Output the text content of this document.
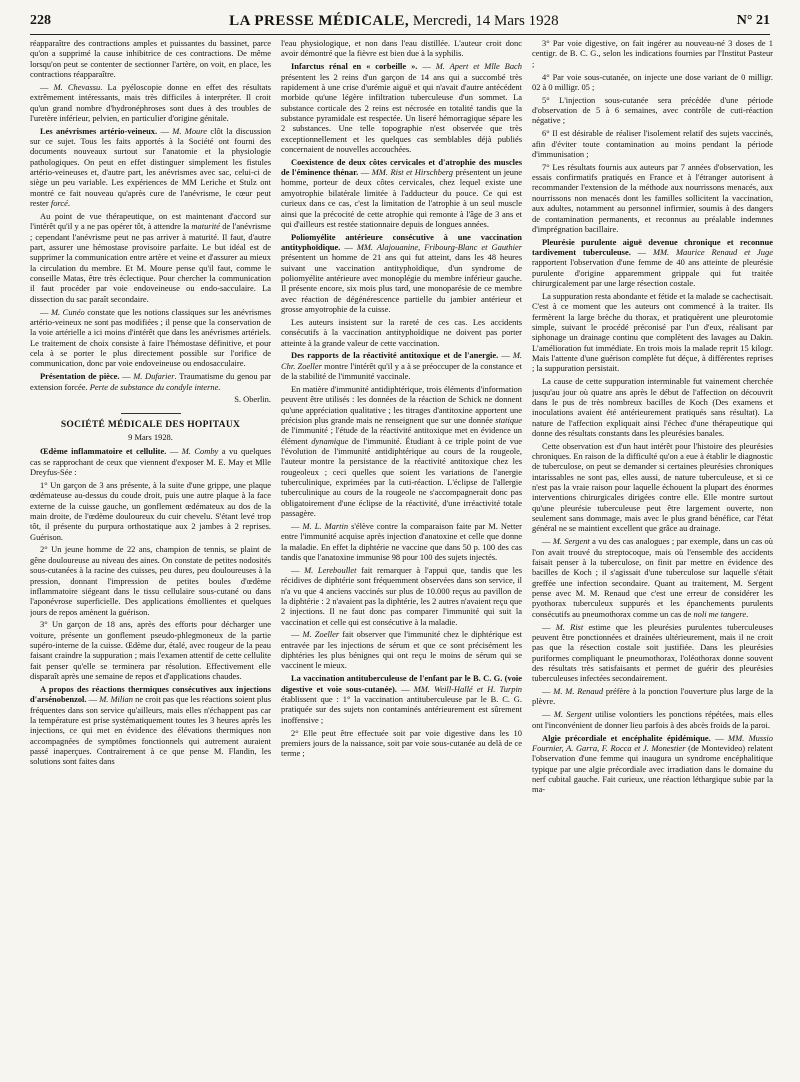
228	LA PRESSE MÉDICALE, Mercredi, 14 Mars 1928	N° 21

réapparaître des contractions amples et puissantes du bassinet, parce qu'on a supprimé la cause inhibitrice de ces contractions. De même lorsqu'on peut se contenter de sectionner l'artère, on voit, en place, les contractions réapparaître.

— M. Chevassu. La pyéloscopie donne en effet des résultats extrêmement intéressants, mais très difficiles à interpréter. Il croit qu'un grand nombre d'hydronéphroses sont dues à des troubles de l'uretère inférieur, pelvien, en particulier d'origine génitale.

Les anévrismes artério-veineux. — M. Moure clôt la discussion sur ce sujet. Tous les faits apportés à la Société ont fourni des documents nouveaux surtout sur l'anatomie et la physiologie pathologiques. On peut en effet distinguer simplement les fistules artério-veineuses et, d'autre part, les anévrismes avec sac, celui-ci de siège un peu variable. Les expériences de MM Leriche et Stulz ont montré ce fait nouveau qu'après cure de l'anévrisme, le cœur peut rester forcé.

Au point de vue thérapeutique, on est maintenant d'accord sur l'intérêt qu'il y a ne pas opérer tôt, à attendre la maturité de l'anévrisme ; cependant l'anévrisme peut ne pas arriver à maturité. Il faut, d'autre part, assurer une hémostase provisoire parfaite. Le but idéal est de supprimer la communication entre artère et veine et d'assurer au mieux la circulation du membre. Et M. Moure pense qu'il faut, comme le conseille Matas, être très éclectique. Pour chercher la communication il faut procéder par voie endoveineuse ou endo-sacculaire. La dissection du sac paraît secondaire.

— M. Cunéo constate que les notions classiques sur les anévrismes artério-veineux ne sont pas modifiées ; il pense que la conservation de la voie artérielle a ici moins d'intérêt que dans les anévrismes artériels. Le traitement de choix consiste à faire l'hémostase définitive, et pour cela à se porter le plus directement possible sur l'orifice de communication, donc par voie endoveineuse ou endosacculaire.

Présentation de pièce. — M. Dufarier. Traumatisme du genou par extension forcée. Perte de substance du condyle interne.

S. Oberlin.

SOCIÉTÉ MÉDICALE DES HOPITAUX
9 Mars 1928.

Œdème inflammatoire et cellulite. — M. Comby a vu quelques cas se rapprochant de ceux que viennent d'exposer M. E. May et Mlle Dreyfus-Sée :

1° Un garçon de 3 ans présente, à la suite d'une grippe, une plaque œdémateuse au-dessus du coude droit, puis une autre plaque à la face externe de la cuisse gauche, un gonflement œdémateux au dos de la main droite, de l'œdème douloureux du cuir chevelu. S'étant levé trop tôt, il présente du purpura orthostatique aux 2 jambes à 2 reprises. Guérison.

2° Un jeune homme de 22 ans, champion de tennis, se plaint de gêne douloureuse au niveau des aines. On constate de petites nodosités sous-cutanées à la racine des cuisses, peu dures, peu douloureuses à la pression, donnant l'impression de petites boules d'œdème inflammatoire siégeant dans le tissu cellulaire sous-cutané ou dans l'aponévrose superficielle. Des applications émollientes et quelques jours de repos amènent la guérison.

3° Un garçon de 18 ans, après des efforts pour décharger une voiture, présente un gonflement pseudo-phlegmoneux de la partie supéro-interne de la cuisse. Œdème dur, étalé, avec rougeur de la peau faisant craindre la suppuration ; mais l'examen attentif de cette cellulite fait penser qu'elle se terminera par résolution. Effectivement elle disparaît après une semaine de repos et d'applications chaudes.

A propos des réactions thermiques consécutives aux injections d'arsénobenzol. — M. Milian ne croit pas que les réactions soient plus fréquentes dans son service qu'ailleurs, mais elles n'échappent pas car la température est prise systématiquement toutes les 3 heures après les injections, ce qui met en évidence des élévations thermiques non accompagnées de symptômes fonctionnels qui autrement auraient passé inaperçues. Contrairement à ce que pense M. Flandin, les solutions sont faites dans

l'eau physiologique, et non dans l'eau distillée. L'auteur croit donc avoir démontré que la fièvre est bien due à la syphilis.

Infarctus rénal en « corbeille ». — M. Apert et Mlle Bach présentent les 2 reins d'un garçon de 14 ans qui a succombé très rapidement à une crise d'urémie aiguë et qui n'avait d'autre antécédent morbide qu'une légère infiltration tuberculeuse d'un sommet. La substance corticale des 2 reins est nécrosée en totalité tandis que la substance pyramidale est respectée. Un liseré hémorragique sépare les 2 substances. Une telle topographie n'est observée que très exceptionnellement et les quelques cas semblables déjà publiés concernaient de nouvelles accouchées.

Coexistence de deux côtes cervicales et d'atrophie des muscles de l'éminence thénar. — MM. Rist et Hirschberg présentent un jeune homme, porteur de deux côtes cervicales, chez lequel existe une amyotrophie bilatérale limitée à l'adducteur du pouce. Ce qui est curieux dans ce cas, c'est la limitation de l'atrophie à un seul muscle ainsi que la précocité de cette atrophie qui remonte à l'âge de 3 ans et qui d'ailleurs est restée stationnaire depuis de longues années.

Poliomyélite antérieure consécutive à une vaccination antityphoïdique. — MM. Alajouanine, Fribourg-Blanc et Gauthier présentent un homme de 21 ans qui fut atteint, dans les 48 heures suivant une vaccination antityphoïdique, d'un syndrome de poliomyélite antérieure avec monoplégie du membre inférieur gauche. Il présente encore, six mois plus tard, une monoparésie de ce membre avec réaction de dégénérescence partielle du jambier antérieur et grosse amyotrophie de la cuisse.

Les auteurs insistent sur la rareté de ces cas. Les accidents consécutifs à la vaccination antityphoïdique ne doivent pas porter atteinte à la grande valeur de cette vaccination.

Des rapports de la réactivité antitoxique et de l'anergie. — M. Chr. Zoeller montre l'intérêt qu'il y a à se préoccuper de la constance et de la stabilité de l'immunité vaccinale.

En matière d'immunité antidiphtérique, trois éléments d'information peuvent être utilisés : les données de la réaction de Schick ne donnent qu'une appréciation qualitative ; les titrages d'antitoxine apportent une précision plus grande mais ne renseignent que sur une donnée statique de l'immunité ; l'étude de la réactivité antitoxique met en évidence un élément dynamique de l'immunité. Étudiant à ce triple point de vue l'évolution de l'immunité antidiphtérique au cours de la rougeole, l'auteur montre la persistance de la réactivité antitoxique chez les rougeoleux ; ceci quelles que soient les variations de l'anergie tuberculinique, exprimées par la cuti-réaction. L'éclipse de l'allergie tuberculinique au cours de la rougeole ne s'accompagnerait donc pas obligatoirement d'une éclipse de la réactivité, d'une irréactivité totale passagère.

— M. L. Martin s'élève contre la comparaison faite par M. Netter entre l'immunité acquise après injection d'anatoxine et celle que donne la maladie. En effet la diphtérie ne vaccine que dans 50 p. 100 des cas tandis que l'anatoxine immunise 98 pour 100 des sujets injectés.

— M. Lereboullet fait remarquer à l'appui que, tandis que les récidives de diphtérie sont fréquemment observées dans son service, il n'a vu que 4 anciens vaccinés sur plus de 10.000 reçus au pavillon de la diphtérie : 2 n'avaient pas la diphtérie, les 2 autres n'avaient reçu que 2 injections. Il ne faut donc pas comparer l'immunité qui suit la vaccination et celle qui est consécutive à la maladie.

— M. Zoeller fait observer que l'immunité chez le diphtérique est entravée par les injections de sérum et que ce sont précisément les diphtéries les plus bénignes qui ont reçu le moins de sérum qui se vaccinent le mieux.

La vaccination antituberculeuse de l'enfant par le B. C. G. (voie digestive et voie sous-cutanée). — MM. Weill-Hallé et H. Turpin établissent que : 1° la vaccination antituberculeuse par le B. C. G. pratiquée sur des sujets non contaminés antérieurement est sûrement inoffensive ;

2° Elle peut être effectuée soit par voie digestive dans les 10 premiers jours de la naissance, soit par voie sous-cutanée au delà de ce terme ;

3° Par voie digestive, on fait ingérer au nouveau-né 3 doses de 1 centigr. de B. C. G., selon les indications fournies par l'Institut Pasteur ;

4° Par voie sous-cutanée, on injecte une dose variant de 0 milligr. 02 à 0 milligr. 05 ;

5° L'injection sous-cutanée sera précédée d'une période d'observation de 5 à 6 semaines, avec contrôle de cuti-réaction négative ;

6° Il est désirable de réaliser l'isolement relatif des sujets vaccinés, afin d'éviter toute contamination au moins pendant la période d'immunisation ;

7° Les résultats fournis aux auteurs par 7 années d'observation, les essais confirmatifs pratiqués en France et à l'étranger autorisent à recommander l'extension de la méthode aux nourrissons menacés, aux nourrissons non menacés dont les familles sollicitent la vaccination, aux adultes, notamment au personnel infirmier, soumis à des dangers de contamination permanents, et reconnus au préalable indemnes d'imprégnation bacillaire.

Pleurésie purulente aiguë devenue chronique et reconnue tardivement tuberculeuse. — MM. Maurice Renaud et Juge rapportent l'observation d'une femme de 40 ans atteinte de pleurésie purulente d'origine apparemment grippale qui fut traitée chirurgicalement par une large résection costale.

La suppuration resta abondante et fétide et la malade se cachectisait. C'est à ce moment que les auteurs ont commencé à la traiter. Ils fermèrent la large brèche du thorax, et pratiquèrent une pleurotomie simple, suivant le procédé préconisé par l'un d'eux, réalisant par siphonage un drainage continu que complètent des lavages au Dakin. L'amélioration fut immédiate. En trois mois la malade reprit 15 kilogr. Mais l'attente d'une guérison complète fut déçue, à différentes reprises ; la suppuration persistait.

La cause de cette suppuration interminable fut vainement cherchée jusqu'au jour où quatre ans après le début de l'affection on découvrit dans le pus de très nombreux bacilles de Koch (Des examens et inoculations avaient été antérieurement pratiqués sans résultat). La nature de l'affection expliquait ainsi l'échec d'une thérapeutique qui donne des résultats constants dans les pleurésies banales.

Cette observation est d'un haut intérêt pour l'histoire des pleurésies chroniques. En raison de la difficulté qu'on a eue à établir le diagnostic de tuberculose, on peut se demander si certaines pleurésies chroniques intarissables ne sont pas, elles aussi, de nature tuberculeuse, et si ce n'est pas la vraie raison pour laquelle échouent la plupart des énormes interventions chirurgicales dirigées contre elle. Elle montre surtout qu'une pleurésie tuberculeuse peut être largement ouverte, non seulement sans dommage, mais avec le plus grand bénéfice, car l'état général ne se maintient excellent que grâce au drainage.

— M. Sergent a vu des cas analogues ; par exemple, dans un cas où l'on avait trouvé du streptocoque, mais où l'ensemble des accidents faisait penser à la tuberculose, on finit par mettre en évidence des bacilles de Koch ; il s'agissait d'une tuberculose sur laquelle s'était greffée une infection secondaire. Quant au traitement, M. Sergent pense avec M. M. Renaud que c'est une erreur de considérer les pyothorax tuberculeux suppurés et les épanchements purulents consécutifs au pneumothorax comme un cas de noli me tangere.

— M. Rist estime que les pleurésies purulentes tuberculeuses peuvent être ponctionnées et drainées ultérieurement, mais il ne croit pas que la résection costale soit justifiée. Dans les pleurésies puriformes compliquant le pneumothorax, l'oléothorax donne souvent des résultats très satisfaisants et permet de guérir des pleurésies tuberculeuses infectées secondairement.

— M. M. Renaud préfère à la ponction l'ouverture plus large de la plèvre.

— M. Sergent utilise volontiers les ponctions répétées, mais elles ont l'inconvénient de donner lieu parfois à des abcès froids de la paroi.

Algie précordiale et encéphalite épidémique. — MM. Mussio Fournier, A. Garra, F. Rocca et J. Monestier (de Montevideo) relatent l'observation d'une femme qui inaugura un syndrome encéphalitique typique par une algie précordiale avec irradiation dans le domaine du nerf cubital gauche. Fait curieux, une réaction léthargique subie par la ma-
